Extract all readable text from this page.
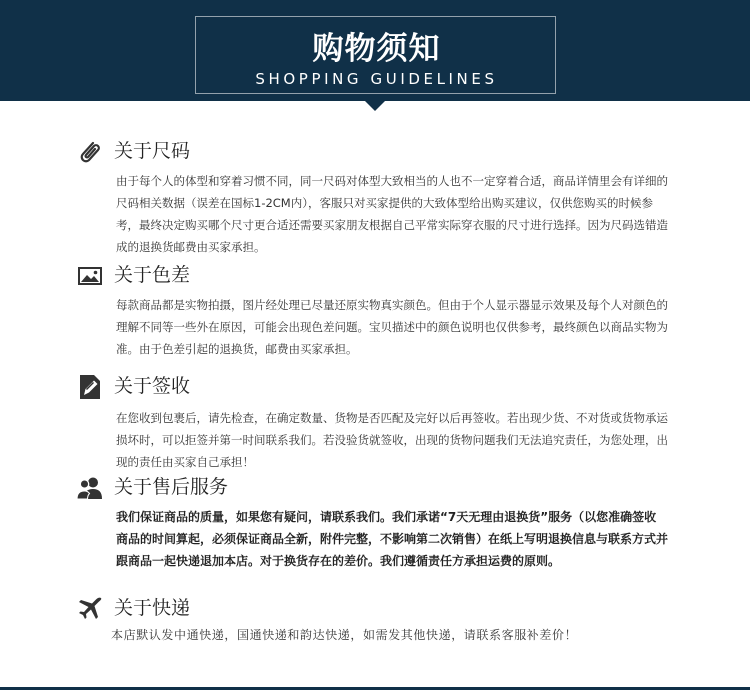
购物须知
SHOPPING GUIDELINES
关于尺码
由于每个人的体型和穿着习惯不同，同一尺码对体型大致相当的人也不一定穿着合适，商品详情里会有详细的尺码相关数据（误差在国标1-2CM内），客服只对买家提供的大致体型给出购买建议，仅供您购买的时候参考，最终决定购买哪个尺寸更合适还需要买家朋友根据自己平常实际穿衣服的尺寸进行选择。因为尺码选错造成的退换货邮费由买家承担。
关于色差
每款商品都是实物拍摄，图片经处理已尽量还原实物真实颜色。但由于个人显示器显示效果及每个人对颜色的理解不同等一些外在原因，可能会出现色差问题。宝贝描述中的颜色说明也仅供参考，最终颜色以商品实物为准。由于色差引起的退换货，邮费由买家承担。
关于签收
在您收到包裹后，请先检查，在确定数量、货物是否匹配及完好以后再签收。若出现少货、不对货或货物承运损坏时，可以拒签并第一时间联系我们。若没验货就签收，出现的货物问题我们无法追究责任，为您处理，出现的责任由买家自己承担！
关于售后服务
我们保证商品的质量，如果您有疑问，请联系我们。我们承诺“7天无理由退换货”服务（以您准确签收商品的时间算起，必须保证商品全新，附件完整，不影响第二次销售）在纸上写明退换信息与联系方式并跟商品一起快递退加本店。对于换货存在的差价。我们遵循责任方承担运费的原则。
关于快递
本店默认发中通快递，国通快递和韵达快递，如需发其他快递，请联系客服补差价！
